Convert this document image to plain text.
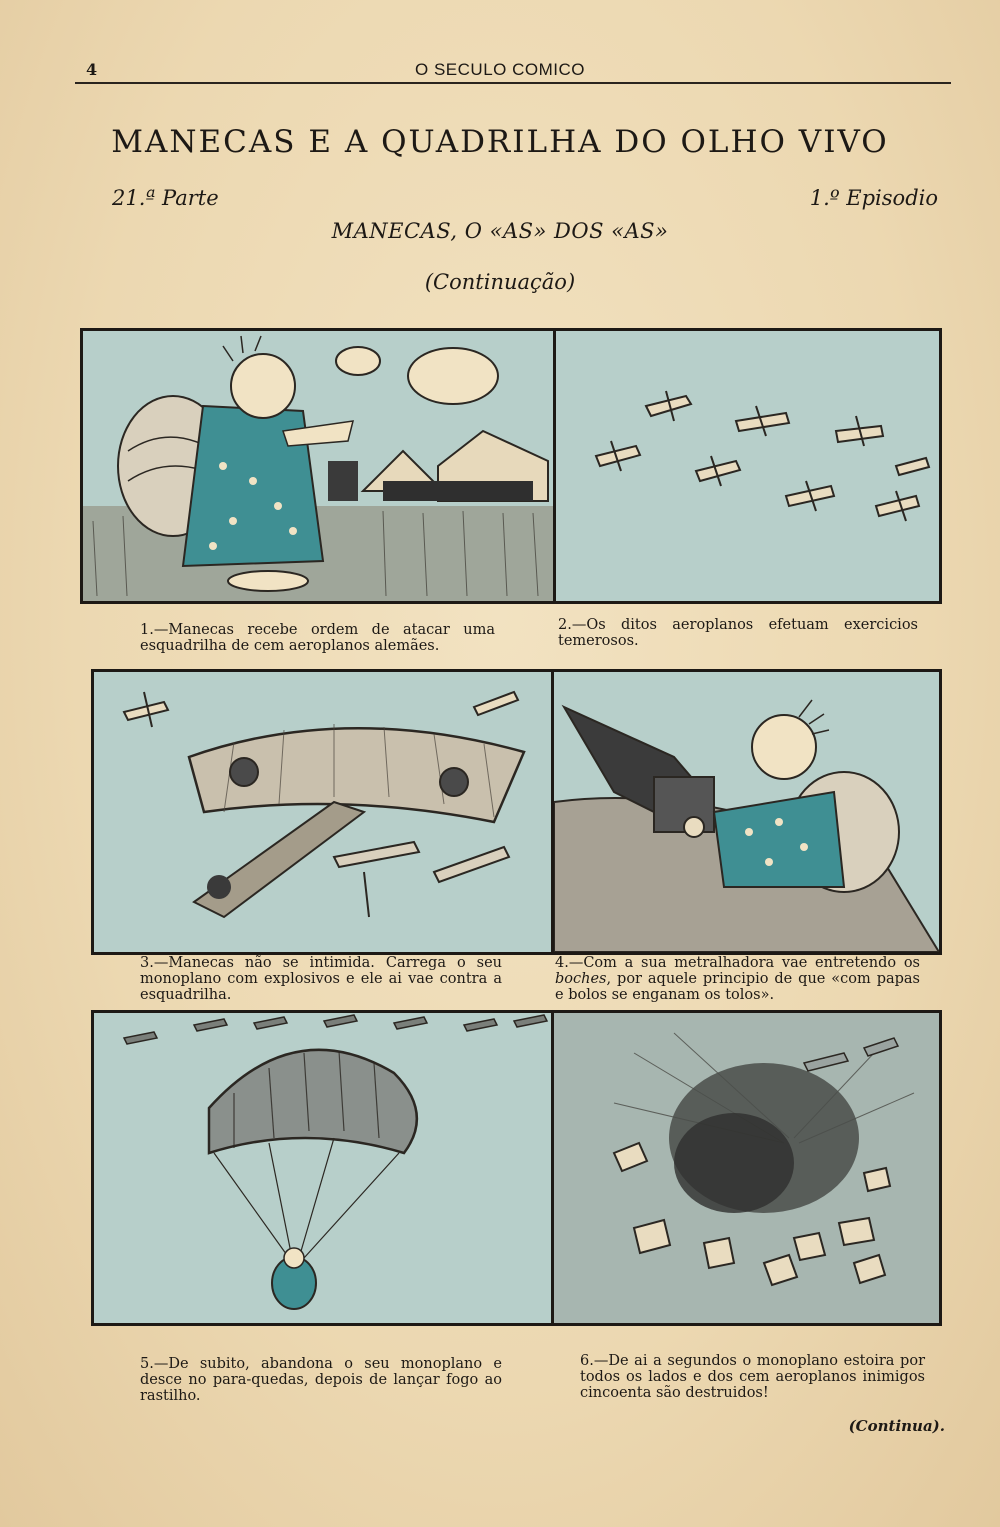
4	O SECULO COMICO
MANECAS E A QUADRILHA DO OLHO VIVO
21.ª Parte	1.º Episodio
MANECAS, O «AS» DOS «AS»
(Continuação)
1.—Manecas recebe ordem de atacar uma esquadrilha de cem aeroplanos alemães.
2.—Os ditos aeroplanos efetuam exercicios temerosos.
3.—Manecas não se intimida. Carrega o seu monoplano com explosivos e ele ai vae contra a esquadrilha.
4.—Com a sua metralhadora vae entretendo os boches, por aquele principio de que «com papas e bolos se enganam os tolos».
5.—De subito, abandona o seu monoplano e desce no para-quedas, depois de lançar fogo ao rastilho.
6.—De ai a segundos o monoplano estoira por todos os lados e dos cem aeroplanos inimigos cincoenta são destruidos!
(Continua).
